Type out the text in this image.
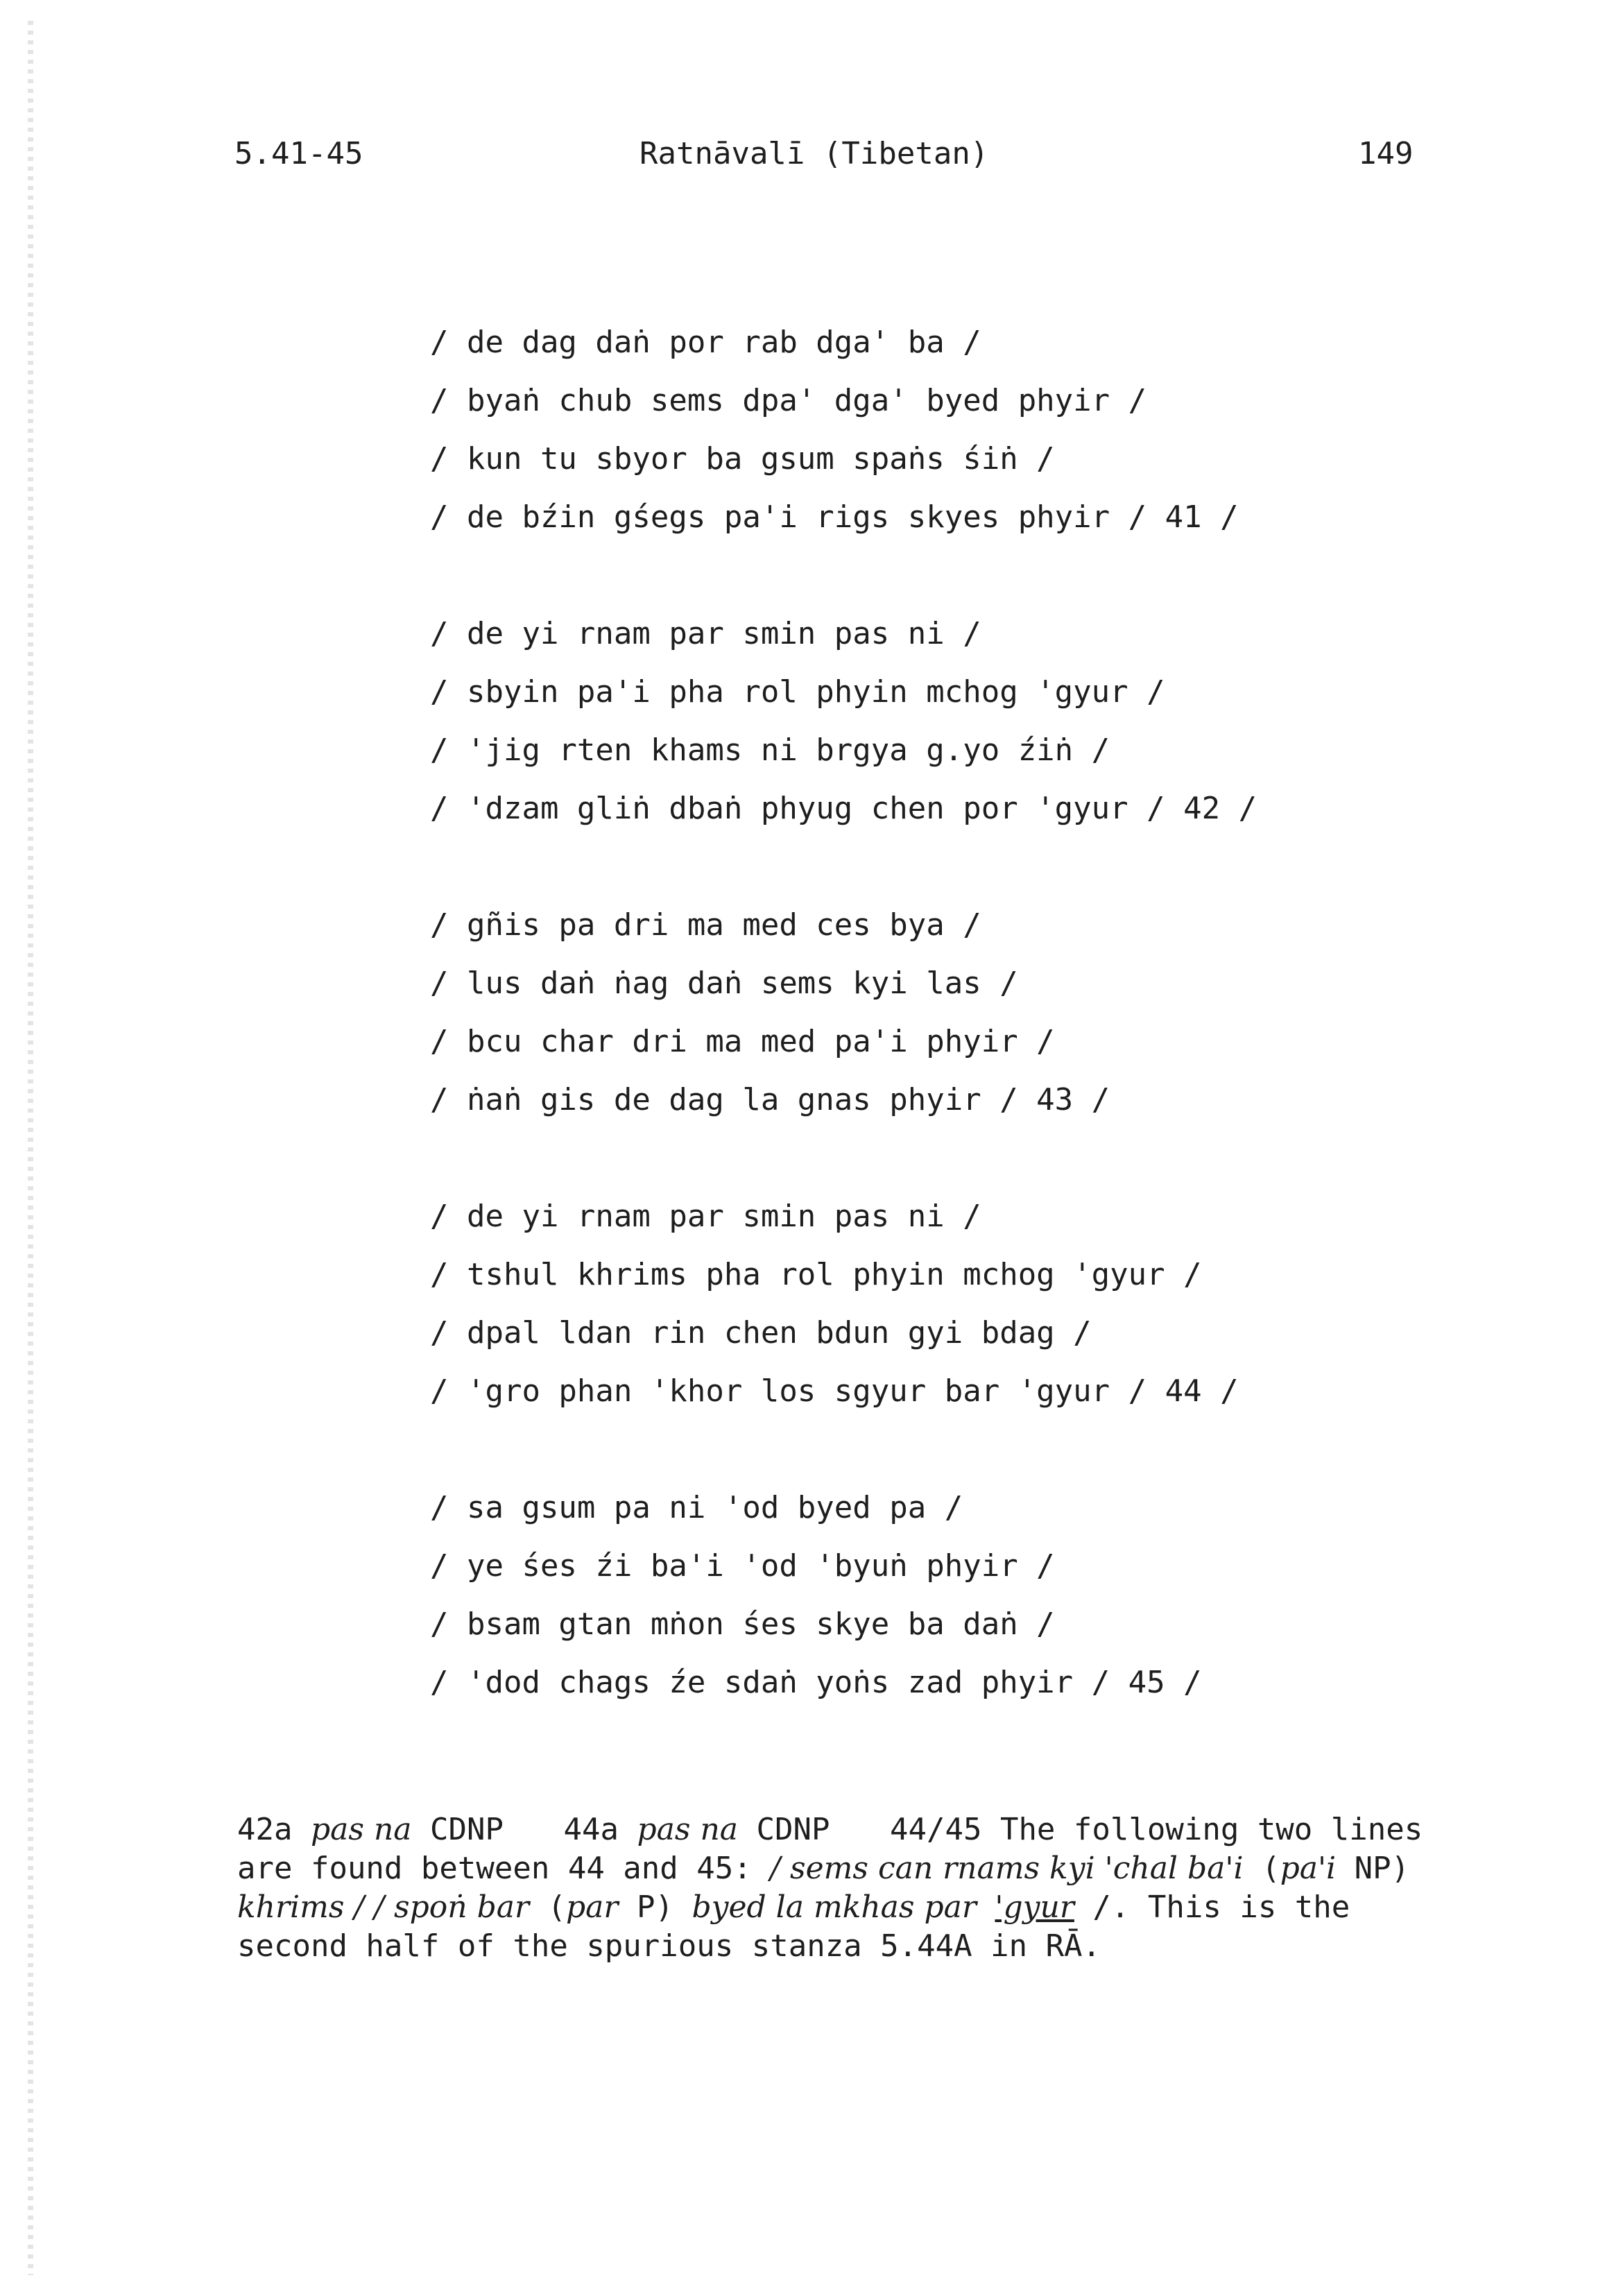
5.41-45	Ratnāvalī (Tibetan)	149
/ de dag daṅ por rab dga' ba /
/ byaṅ chub sems dpa' dga' byed phyir /
/ kun tu sbyor ba gsum spaṅs śiṅ /
/ de bźin gśegs pa'i rigs skyes phyir / 41 /
/ de yi rnam par smin pas ni /
/ sbyin pa'i pha rol phyin mchog 'gyur /
/ 'jig rten khams ni brgya g.yo źiṅ /
/ 'dzam gliṅ dbaṅ phyug chen por 'gyur / 42 /
/ gñis pa dri ma med ces bya /
/ lus daṅ ṅag daṅ sems kyi las /
/ bcu char dri ma med pa'i phyir /
/ ṅaṅ gis de dag la gnas phyir / 43 /
/ de yi rnam par smin pas ni /
/ tshul khrims pha rol phyin mchog 'gyur /
/ dpal ldan rin chen bdun gyi bdag /
/ 'gro phan 'khor los sgyur bar 'gyur / 44 /
/ sa gsum pa ni 'od byed pa /
/ ye śes źi ba'i 'od 'byuṅ phyir /
/ bsam gtan mṅon śes skye ba daṅ /
/ 'dod chags źe sdaṅ yoṅs zad phyir / 45 /
42a pas na CDNP 44a pas na CDNP 44/45 The following two lines are found between 44 and 45: / sems can rnams kyi 'chal ba'i (pa'i NP) khrims / / spoṅ bar (par P) byed la mkhas par 'gyur /. This is the second half of the spurious stanza 5.44A in RĀ.
